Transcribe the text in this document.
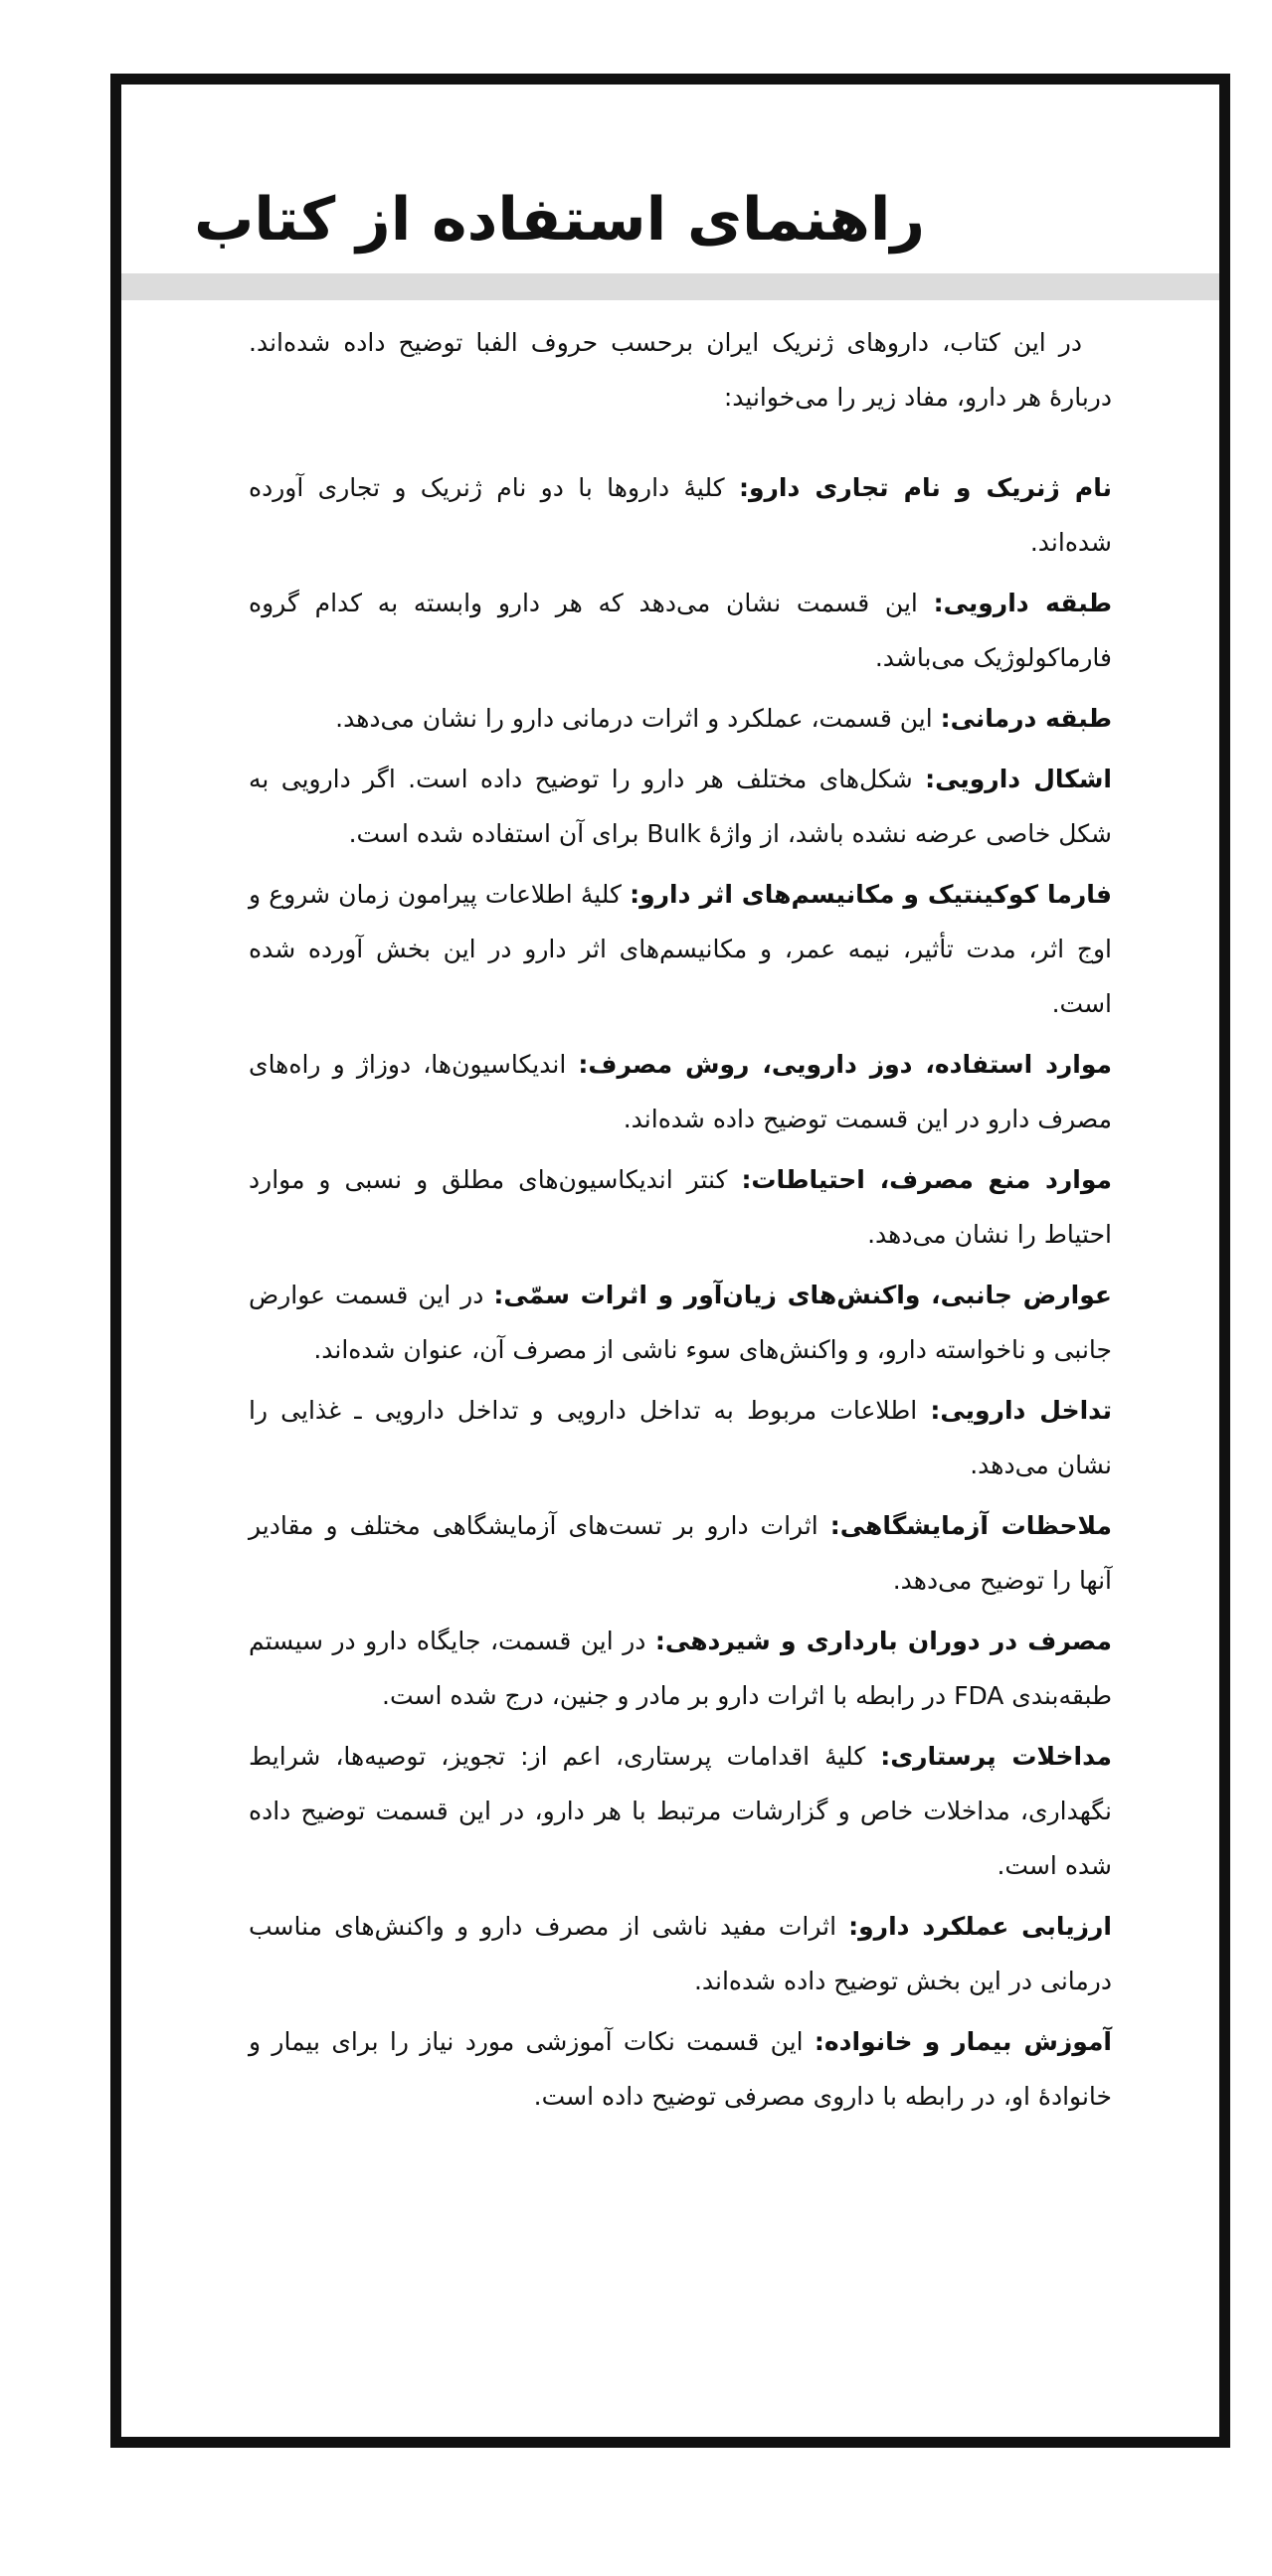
راهنمای استفاده از کتاب

در این کتاب، داروهای ژنریک ایران برحسب حروف الفبا توضیح داده شده‌اند. دربارهٔ هر دارو، مفاد زیر را می‌خوانید:

نام ژنریک و نام تجاری دارو: کلیهٔ داروها با دو نام ژنریک و تجاری آورده شده‌اند.

طبقه دارویی: این قسمت نشان می‌دهد که هر دارو وابسته به کدام گروه فارماکولوژیک می‌باشد.

طبقه درمانی: این قسمت، عملکرد و اثرات درمانی دارو را نشان می‌دهد.

اشکال دارویی: شکل‌های مختلف هر دارو را توضیح داده است. اگر دارویی به شکل خاصی عرضه نشده باشد، از واژهٔ Bulk برای آن استفاده شده است.

فارما کوکینتیک و مکانیسم‌های اثر دارو: کلیهٔ اطلاعات پیرامون زمان شروع و اوج اثر، مدت تأثیر، نیمه عمر، و مکانیسم‌های اثر دارو در این بخش آورده شده است.

موارد استفاده، دوز دارویی، روش مصرف: اندیکاسیون‌ها، دوزاژ و راه‌های مصرف دارو در این قسمت توضیح داده شده‌اند.

موارد منع مصرف، احتیاطات: کنتر اندیکاسیون‌های مطلق و نسبی و موارد احتیاط را نشان می‌دهد.

عوارض جانبی، واکنش‌های زیان‌آور و اثرات سمّی: در این قسمت عوارض جانبی و ناخواسته دارو، و واکنش‌های سوء ناشی از مصرف آن، عنوان شده‌اند.

تداخل دارویی: اطلاعات مربوط به تداخل دارویی و تداخل دارویی ـ غذایی را نشان می‌دهد.

ملاحظات آزمایشگاهی: اثرات دارو بر تست‌های آزمایشگاهی مختلف و مقادیر آنها را توضیح می‌دهد.

مصرف در دوران بارداری و شیردهی: در این قسمت، جایگاه دارو در سیستم طبقه‌بندی FDA در رابطه با اثرات دارو بر مادر و جنین، درج شده است.

مداخلات پرستاری: کلیهٔ اقدامات پرستاری، اعم از: تجویز، توصیه‌ها، شرایط نگهداری، مداخلات خاص و گزارشات مرتبط با هر دارو، در این قسمت توضیح داده شده است.

ارزیابی عملکرد دارو: اثرات مفید ناشی از مصرف دارو و واکنش‌های مناسب درمانی در این بخش توضیح داده شده‌اند.

آموزش بیمار و خانواده: این قسمت نکات آموزشی مورد نیاز را برای بیمار و خانوادهٔ او، در رابطه با داروی مصرفی توضیح داده است.
